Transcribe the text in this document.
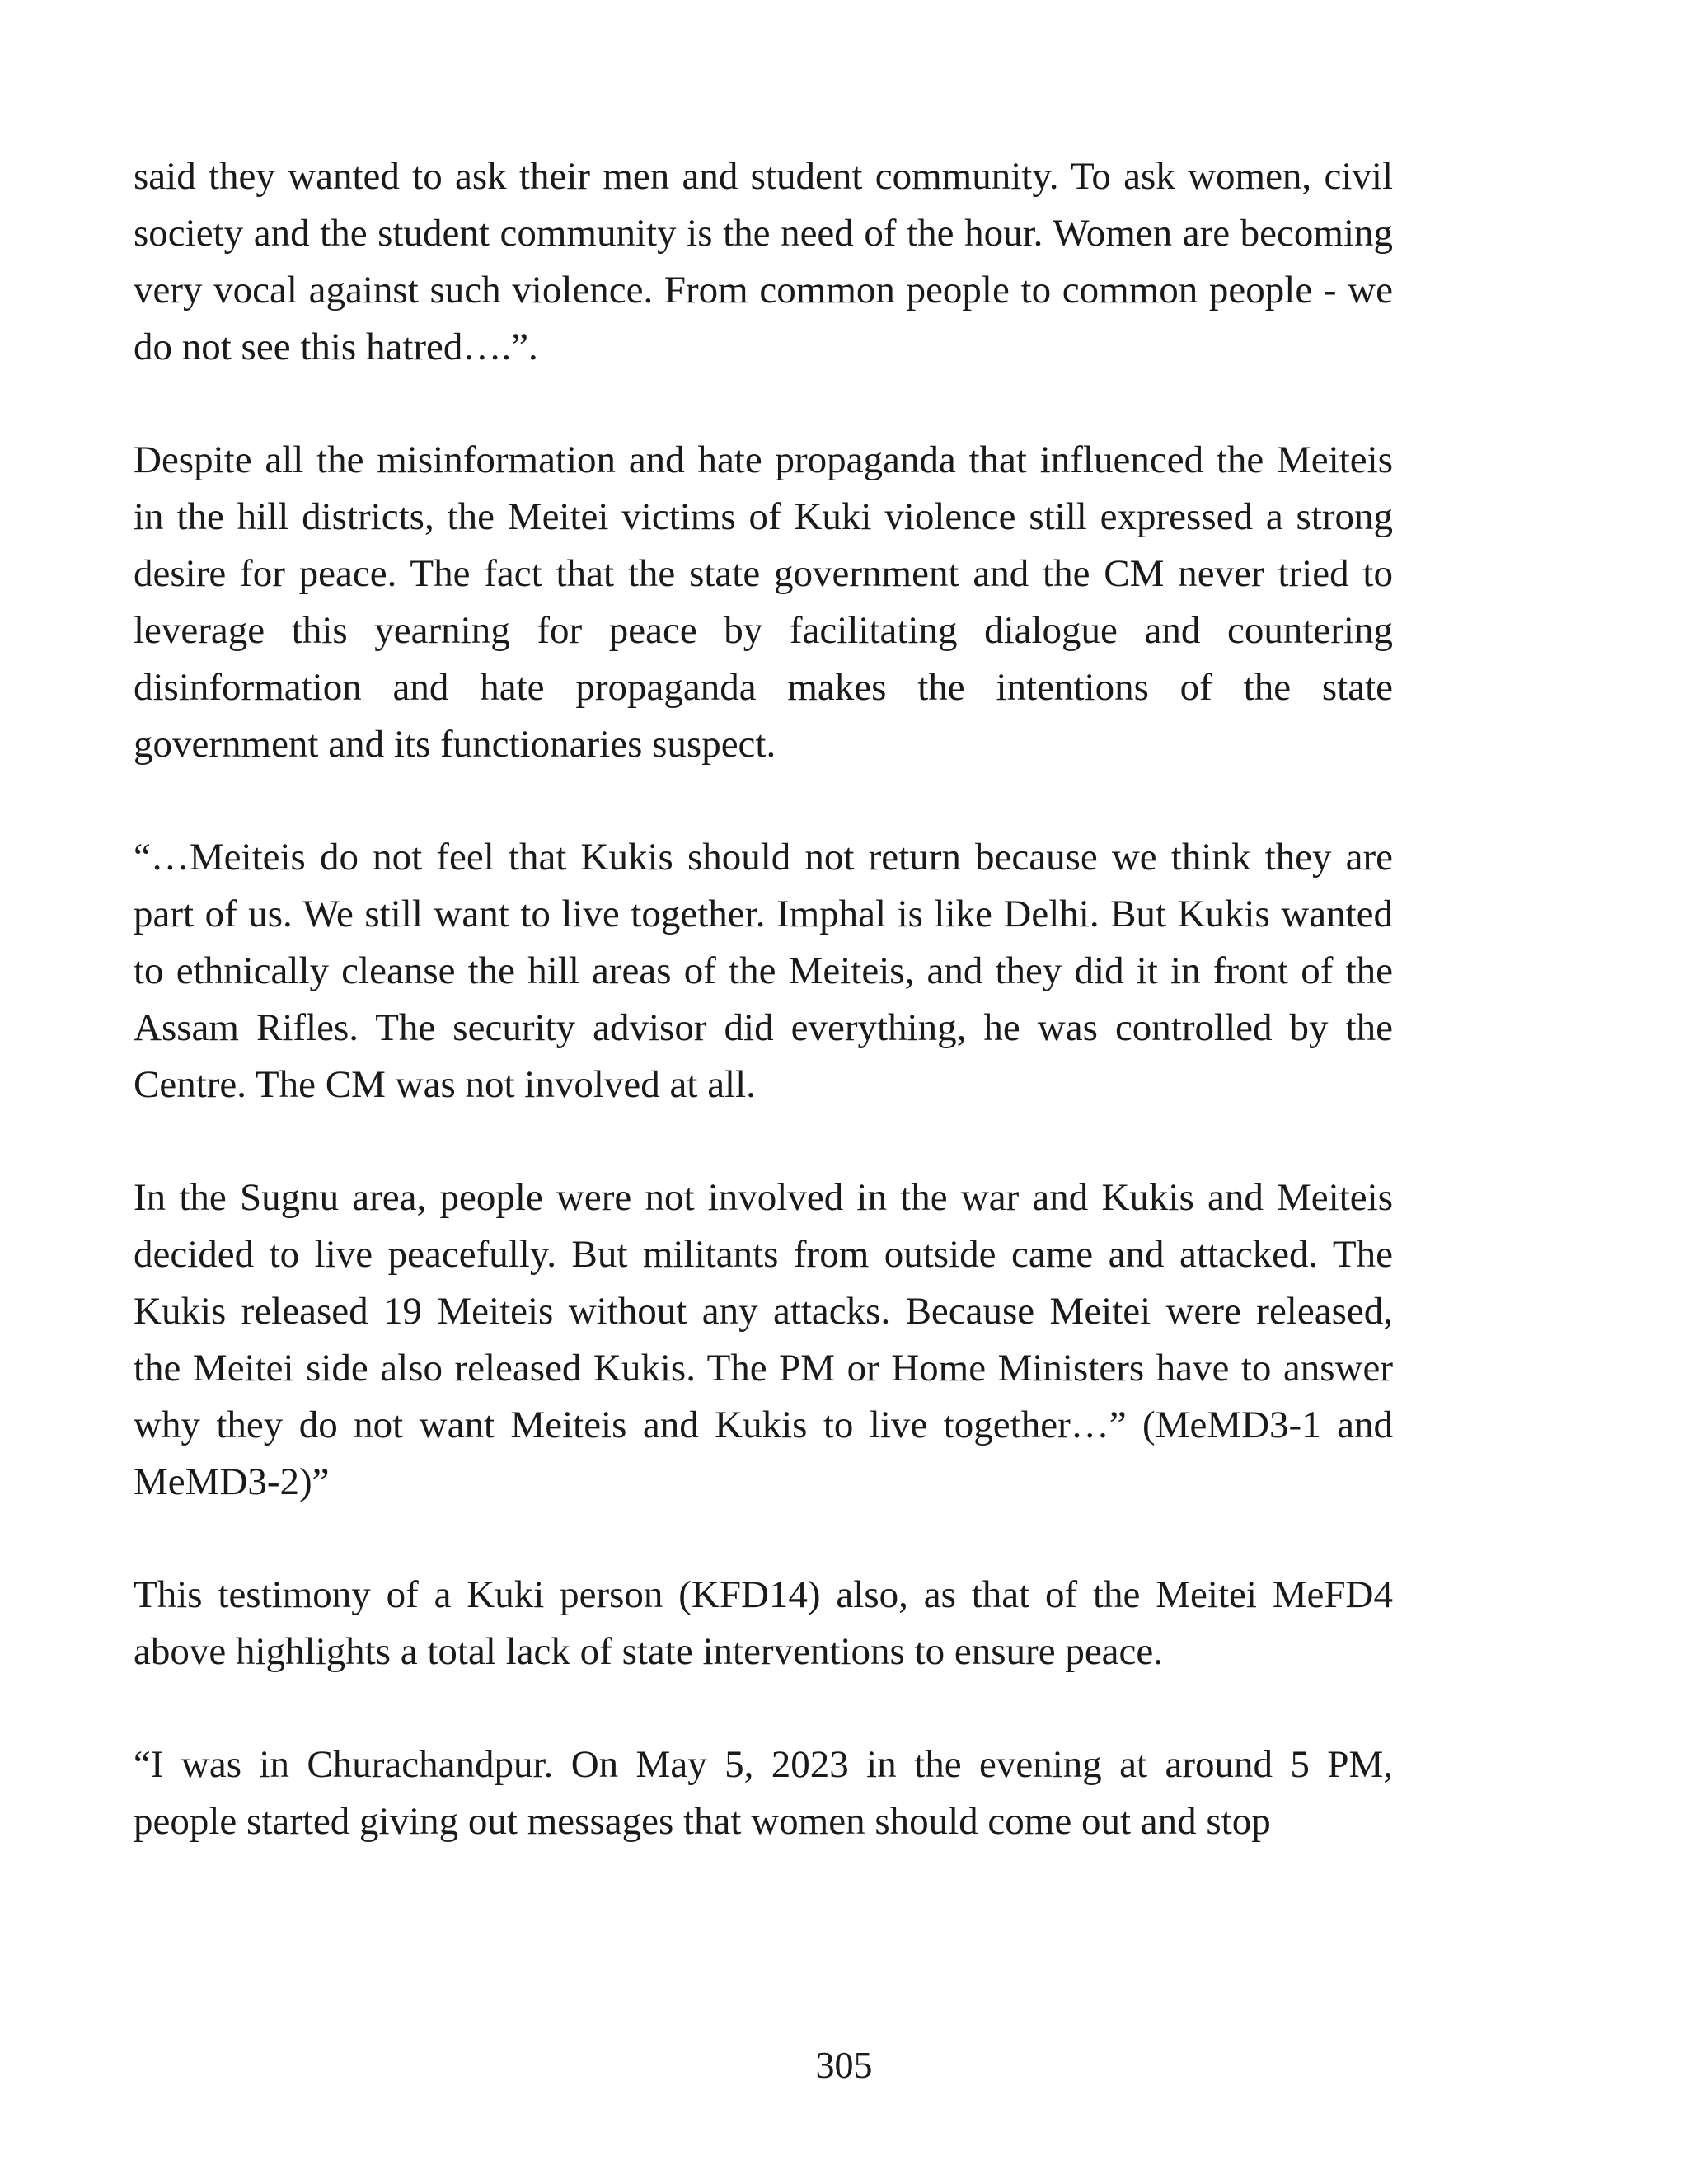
said they wanted to ask their men and student community. To ask women, civil society and the student community is the need of the hour. Women are becoming very vocal against such violence. From common people to common people - we do not see this hatred….”.

Despite all the misinformation and hate propaganda that influenced the Meiteis in the hill districts, the Meitei victims of Kuki violence still expressed a strong desire for peace. The fact that the state government and the CM never tried to leverage this yearning for peace by facilitating dialogue and countering disinformation and hate propaganda makes the intentions of the state government and its functionaries suspect.

“…Meiteis do not feel that Kukis should not return because we think they are part of us. We still want to live together. Imphal is like Delhi. But Kukis wanted to ethnically cleanse the hill areas of the Meiteis, and they did it in front of the Assam Rifles. The security advisor did everything, he was controlled by the Centre. The CM was not involved at all.

In the Sugnu area, people were not involved in the war and Kukis and Meiteis decided to live peacefully. But militants from outside came and attacked. The Kukis released 19 Meiteis without any attacks. Because Meitei were released, the Meitei side also released Kukis. The PM or Home Ministers have to answer why they do not want Meiteis and Kukis to live together…” (MeMD3-1 and MeMD3-2)”

This testimony of a Kuki person (KFD14) also, as that of the Meitei MeFD4 above highlights a total lack of state interventions to ensure peace.

“I was in Churachandpur. On May 5, 2023 in the evening at around 5 PM, people started giving out messages that women should come out and stop

305
